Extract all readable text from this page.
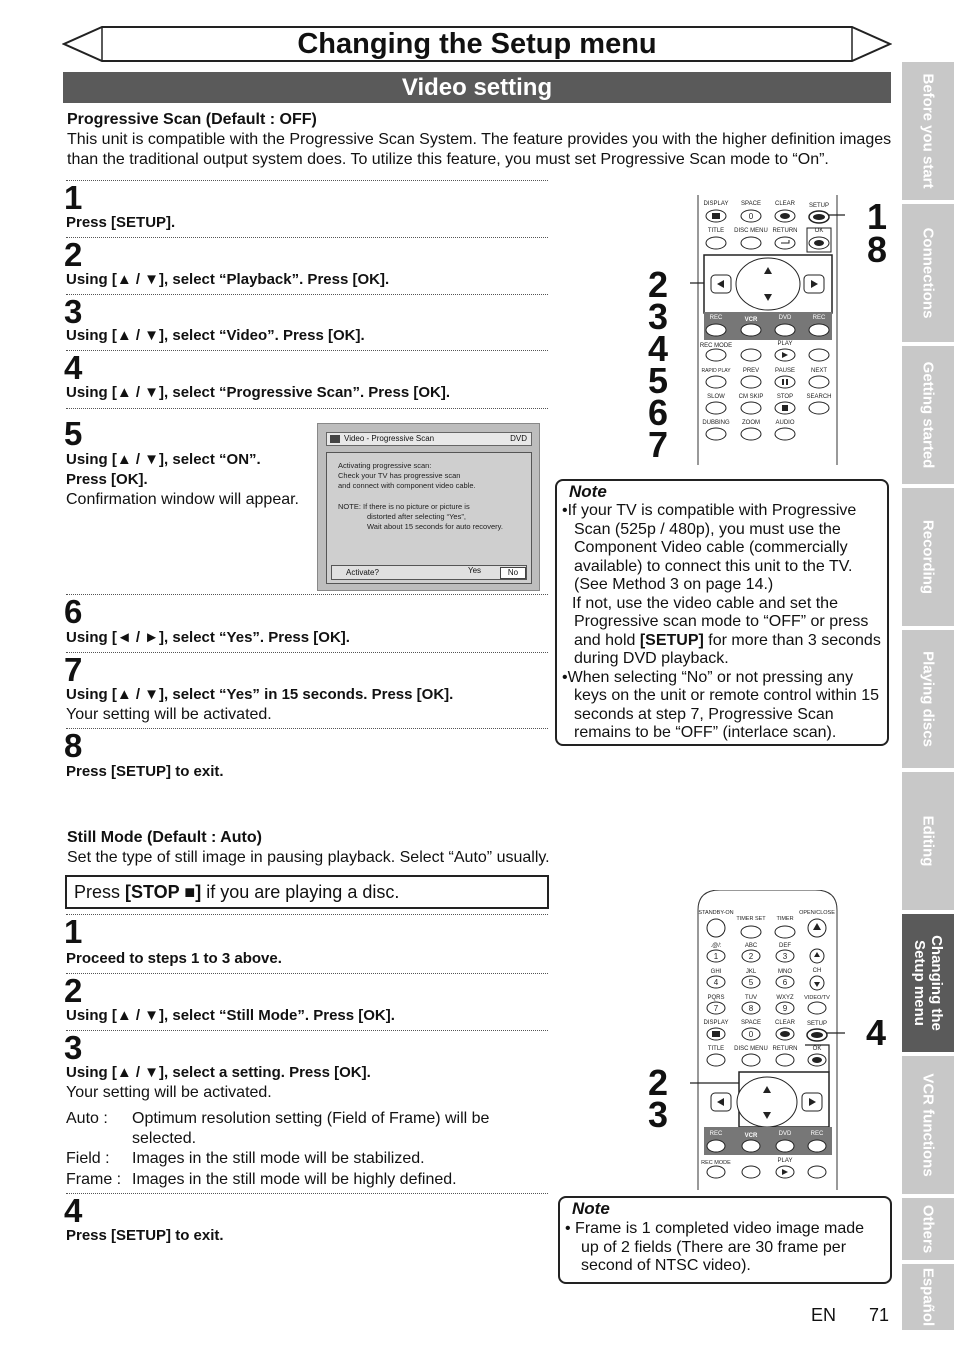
Changing the Setup menu
Video setting
Progressive Scan (Default : OFF)
This unit is compatible with the Progressive Scan System. The feature provides you with the higher definition images than the traditional output system does. To utilize this feature, you must set Progressive Scan mode to “On”.
1
Press [SETUP].
2
Using [▲ / ▼], select “Playback”. Press [OK].
3
Using [▲ / ▼], select “Video”. Press [OK].
4
Using [▲ / ▼], select “Progressive Scan”. Press [OK].
5
Using [▲ / ▼], select “ON”.
Press [OK].
Confirmation window will appear.
6
Using [◄ / ►], select “Yes”. Press [OK].
7
Using [▲ / ▼], select “Yes” in 15 seconds. Press [OK].
Your setting will be activated.
8
Press [SETUP] to exit.
Video - Progressive Scan	DVD
Activating progressive scan:
Check your TV has progressive scan
and connect with component video cable.
NOTE: If there is no picture or picture is
distorted after selecting “Yes”,
Wait about 15 seconds for auto recovery.
Activate?	Yes	No
DISPLAY SPACE CLEAR SETUP
0
TITLE DISC MENU RETURN	OK
REC	VCR	DVD	REC
REC MODE	PLAY
RAPID PLAY PREV	PAUSE	NEXT
SLOW CM SKIP STOP SEARCH
DUBBING ZOOM	AUDIO
1
8
2
3
4
5
6
7
Note

•If your TV is compatible with Progressive Scan (525p / 480p), you must use the Component Video cable (commercially available) to connect this unit to the TV. (See Method 3 on page 14.)

If not, use the video cable and set the Progressive scan mode to “OFF” or press and hold [SETUP] for more than 3 seconds during DVD playback.

•When selecting “No” or not pressing any keys on the unit or remote control within 15 seconds at step 7, Progressive Scan remains to be “OFF” (interlace scan).

Still Mode (Default : Auto)
Set the type of still image in pausing playback. Select “Auto” usually.
Press [STOP ■] if you are playing a disc.
1
Proceed to steps 1 to 3 above.
2
Using [▲ / ▼], select “Still Mode”. Press [OK].
3
Using [▲ / ▼], select a setting. Press [OK].
Your setting will be activated.
Auto : Optimum resolution setting (Field of Frame) will be
selected.
Field : Images in the still mode will be stabilized.
Frame : Images in the still mode will be highly defined.
4
Press [SETUP] to exit.
STANDBY-ON
TIMER SET TIMER
OPEN/CLOSE
.@/:	ABC	DEF
1	2	3
CH
GHI	JKL	MNO
4	5	6
PQRS	TUV	WXYZ VIDEO/TV
7	8	9
DISPLAY SPACE CLEAR SETUP
0
TITLE DISC MENU RETURN	OK
REC	VCR	DVD	REC
REC MODE	PLAY
4
2
3
Note

• Frame is 1 completed video image made up of 2 fields (There are 30 frame per second of NTSC video).

Before you start
Connections
Getting started
Recording
Playing discs
Editing
Changing the Setup menu
VCR functions
Others
Español
EN 71
